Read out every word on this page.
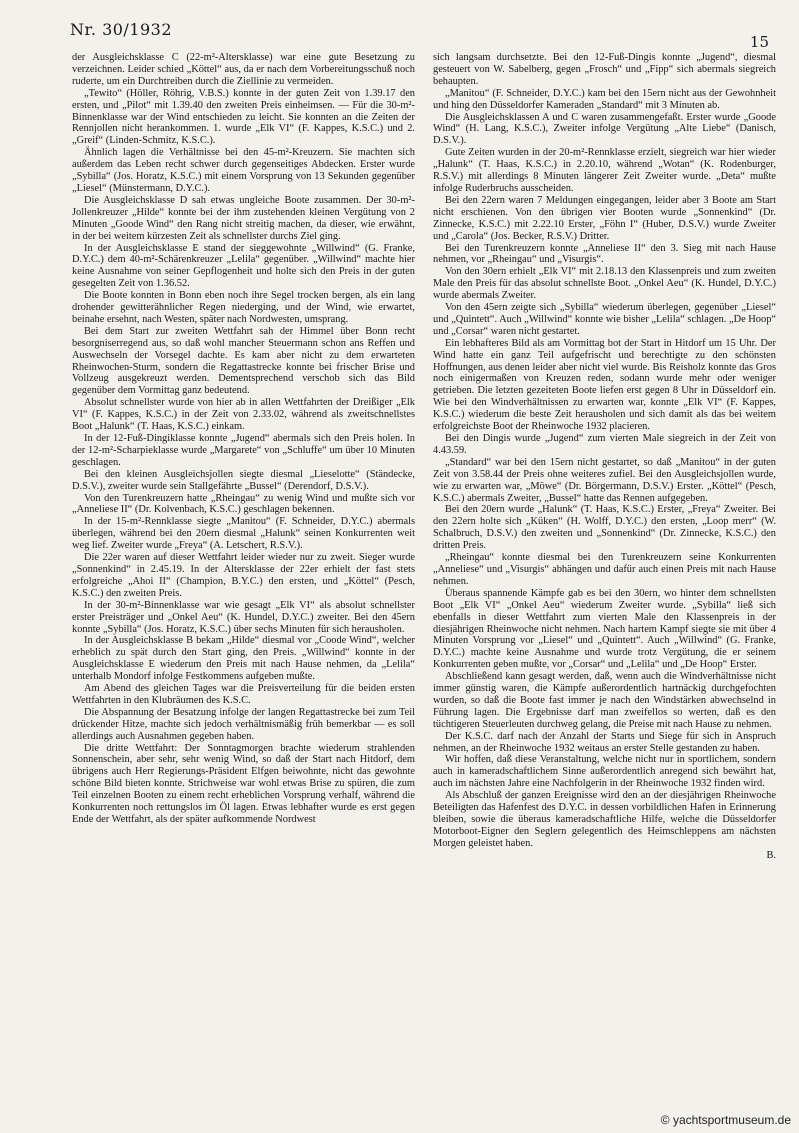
Nr. 30/1932
15

der Ausgleichsklasse C (22-m²-Altersklasse) war eine gute Besetzung zu verzeichnen. Leider schied „Köttel“ aus, da er nach dem Vorbereitungsschuß noch ruderte, um ein Durchtreiben durch die Ziellinie zu vermeiden.

„Tewito“ (Höller, Röhrig, V.B.S.) konnte in der guten Zeit von 1.39.17 den ersten, und „Pilot“ mit 1.39.40 den zweiten Preis einheimsen. — Für die 30-m²-Binnenklasse war der Wind entschieden zu leicht. Sie konnten an die Zeiten der Rennjollen nicht herankommen. 1. wurde „Elk VI“ (F. Kappes, K.S.C.) und 2. „Greif“ (Linden-Schmitz, K.S.C.).

Ähnlich lagen die Verhältnisse bei den 45-m²-Kreuzern. Sie machten sich außerdem das Leben recht schwer durch gegenseitiges Abdecken. Erster wurde „Sybilla“ (Jos. Horatz, K.S.C.) mit einem Vorsprung von 13 Sekunden gegenüber „Liesel“ (Münstermann, D.Y.C.).

Die Ausgleichsklasse D sah etwas ungleiche Boote zusammen. Der 30-m²-Jollenkreuzer „Hilde“ konnte bei der ihm zustehenden kleinen Vergütung von 2 Minuten „Goode Wind“ den Rang nicht streitig machen, da dieser, wie erwähnt, in der bei weitem kürzesten Zeit als schnellster durchs Ziel ging.

In der Ausgleichsklasse E stand der sieggewohnte „Willwind“ (G. Franke, D.Y.C.) dem 40-m²-Schärenkreuzer „Lelila“ gegenüber. „Willwind“ machte hier keine Ausnahme von seiner Gepflogenheit und holte sich den Preis in der guten gesegelten Zeit von 1.36.52.

Die Boote konnten in Bonn eben noch ihre Segel trocken bergen, als ein lang drohender gewitterähnlicher Regen niederging, und der Wind, wie erwartet, beinahe ersehnt, nach Westen, später nach Nordwesten, umsprang.

Bei dem Start zur zweiten Wettfahrt sah der Himmel über Bonn recht besorgniserregend aus, so daß wohl mancher Steuermann schon ans Reffen und Auswechseln der Vorsegel dachte. Es kam aber nicht zu dem erwarteten Rheinwochen-Sturm, sondern die Regattastrecke konnte bei frischer Brise und Vollzeug ausgekreuzt werden. Dementsprechend verschob sich das Bild gegenüber dem Vormittag ganz bedeutend.

Absolut schnellster wurde von hier ab in allen Wettfahrten der Dreißiger „Elk VI“ (F. Kappes, K.S.C.) in der Zeit von 2.33.02, während als zweitschnellstes Boot „Halunk“ (T. Haas, K.S.C.) einkam.

In der 12-Fuß-Dingiklasse konnte „Jugend“ abermals sich den Preis holen. In der 12-m²-Scharpieklasse wurde „Margarete“ von „Schluffe“ um über 10 Minuten geschlagen.

Bei den kleinen Ausgleichsjollen siegte diesmal „Lieselotte“ (Ständecke, D.S.V.), zweiter wurde sein Stallgefährte „Bussel“ (Derendorf, D.S.V.).

Von den Turenkreuzern hatte „Rheingau“ zu wenig Wind und mußte sich vor „Anneliese II“ (Dr. Kolvenbach, K.S.C.) geschlagen bekennen.

In der 15-m²-Rennklasse siegte „Manitou“ (F. Schneider, D.Y.C.) abermals überlegen, während bei den 20ern diesmal „Halunk“ seinen Konkurrenten weit weg lief. Zweiter wurde „Freya“ (A. Letschert, R.S.V.).

Die 22er waren auf dieser Wettfahrt leider wieder nur zu zweit. Sieger wurde „Sonnenkind“ in 2.45.19. In der Altersklasse der 22er erhielt der fast stets erfolgreiche „Ahoi II“ (Champion, B.Y.C.) den ersten, und „Köttel“ (Pesch, K.S.C.) den zweiten Preis.

In der 30-m²-Binnenklasse war wie gesagt „Elk VI“ als absolut schnellster erster Preisträger und „Onkel Aeu“ (K. Hundel, D.Y.C.) zweiter. Bei den 45ern konnte „Sybilla“ (Jos. Horatz, K.S.C.) über sechs Minuten für sich herausholen.

In der Ausgleichsklasse B bekam „Hilde“ diesmal vor „Coode Wind“, welcher erheblich zu spät durch den Start ging, den Preis. „Willwind“ konnte in der Ausgleichsklasse E wiederum den Preis mit nach Hause nehmen, da „Lelila“ unterhalb Mondorf infolge Festkommens aufgeben mußte.

Am Abend des gleichen Tages war die Preisverteilung für die beiden ersten Wettfahrten in den Klubräumen des K.S.C.

Die Abspannung der Besatzung infolge der langen Regattastrecke bei zum Teil drückender Hitze, machte sich jedoch verhältnismäßig früh bemerkbar — es soll allerdings auch Ausnahmen gegeben haben.

Die dritte Wettfahrt: Der Sonntagmorgen brachte wiederum strahlenden Sonnenschein, aber sehr, sehr wenig Wind, so daß der Start nach Hitdorf, dem übrigens auch Herr Regierungs-Präsident Elfgen beiwohnte, nicht das gewohnte schöne Bild bieten konnte. Strichweise war wohl etwas Brise zu spüren, die zum Teil einzelnen Booten zu einem recht erheblichen Vorsprung verhalf, während die Konkurrenten noch rettungslos im Öl lagen. Etwas lebhafter wurde es erst gegen Ende der Wettfahrt, als der später aufkommende Nordwest

sich langsam durchsetzte. Bei den 12-Fuß-Dingis konnte „Jugend“, diesmal gesteuert von W. Sabelberg, gegen „Frosch“ und „Fipp“ sich abermals siegreich behaupten.

„Manitou“ (F. Schneider, D.Y.C.) kam bei den 15ern nicht aus der Gewohnheit und hing den Düsseldorfer Kameraden „Standard“ mit 3 Minuten ab.

Die Ausgleichsklassen A und C waren zusammengefaßt. Erster wurde „Goode Wind“ (H. Lang, K.S.C.), Zweiter infolge Vergütung „Alte Liebe“ (Danisch, D.S.V.).

Gute Zeiten wurden in der 20-m²-Rennklasse erzielt, siegreich war hier wieder „Halunk“ (T. Haas, K.S.C.) in 2.20.10, während „Wotan“ (K. Rodenburger, R.S.V.) mit allerdings 8 Minuten längerer Zeit Zweiter wurde. „Deta“ mußte infolge Ruderbruchs ausscheiden.

Bei den 22ern waren 7 Meldungen eingegangen, leider aber 3 Boote am Start nicht erschienen. Von den übrigen vier Booten wurde „Sonnenkind“ (Dr. Zinnecke, K.S.C.) mit 2.22.10 Erster, „Föhn I“ (Huber, D.S.V.) wurde Zweiter und „Carola“ (Jos. Becker, R.S.V.) Dritter.

Bei den Turenkreuzern konnte „Anneliese II“ den 3. Sieg mit nach Hause nehmen, vor „Rheingau“ und „Visurgis“.

Von den 30ern erhielt „Elk VI“ mit 2.18.13 den Klassenpreis und zum zweiten Male den Preis für das absolut schnellste Boot. „Onkel Aeu“ (K. Hundel, D.Y.C.) wurde abermals Zweiter.

Von den 45ern zeigte sich „Sybilla“ wiederum überlegen, gegenüber „Liesel“ und „Quintett“. Auch „Willwind“ konnte wie bisher „Lelila“ schlagen. „De Hoop“ und „Corsar“ waren nicht gestartet.

Ein lebhafteres Bild als am Vormittag bot der Start in Hitdorf um 15 Uhr. Der Wind hatte ein ganz Teil aufgefrischt und berechtigte zu den schönsten Hoffnungen, aus denen leider aber nicht viel wurde. Bis Reisholz konnte das Gros noch einigermaßen von Kreuzen reden, sodann wurde mehr oder weniger getrieben. Die letzten gezeiteten Boote liefen erst gegen 8 Uhr in Düsseldorf ein. Wie bei den Windverhältnissen zu erwarten war, konnte „Elk VI“ (F. Kappes, K.S.C.) wiederum die beste Zeit herausholen und sich damit als das bei weitem erfolgreichste Boot der Rheinwoche 1932 placieren.

Bei den Dingis wurde „Jugend“ zum vierten Male siegreich in der Zeit von 4.43.59.

„Standard“ war bei den 15ern nicht gestartet, so daß „Manitou“ in der guten Zeit von 3.58.44 der Preis ohne weiteres zufiel. Bei den Ausgleichsjollen wurde, wie zu erwarten war, „Möwe“ (Dr. Börgermann, D.S.V.) Erster. „Köttel“ (Pesch, K.S.C.) abermals Zweiter, „Bussel“ hatte das Rennen aufgegeben.

Bei den 20ern wurde „Halunk“ (T. Haas, K.S.C.) Erster, „Freya“ Zweiter. Bei den 22ern holte sich „Küken“ (H. Wolff, D.Y.C.) den ersten, „Loop merr“ (W. Schalbruch, D.S.V.) den zweiten und „Sonnenkind“ (Dr. Zinnecke, K.S.C.) den dritten Preis.

„Rheingau“ konnte diesmal bei den Turenkreuzern seine Konkurrenten „Anneliese“ und „Visurgis“ abhängen und dafür auch einen Preis mit nach Hause nehmen.

Überaus spannende Kämpfe gab es bei den 30ern, wo hinter dem schnellsten Boot „Elk VI“ „Onkel Aeu“ wiederum Zweiter wurde. „Sybilla“ ließ sich ebenfalls in dieser Wettfahrt zum vierten Male den Klassenpreis in der diesjährigen Rheinwoche nicht nehmen. Nach hartem Kampf siegte sie mit über 4 Minuten Vorsprung vor „Liesel“ und „Quintett“. Auch „Willwind“ (G. Franke, D.Y.C.) machte keine Ausnahme und wurde trotz Vergütung, die er seinem Konkurrenten geben mußte, vor „Corsar“ und „Lelila“ und „De Hoop“ Erster.

Abschließend kann gesagt werden, daß, wenn auch die Windverhältnisse nicht immer günstig waren, die Kämpfe außerordentlich hartnäckig durchgefochten wurden, so daß die Boote fast immer je nach den Windstärken abwechselnd in Führung lagen. Die Ergebnisse darf man zweifellos so werten, daß es den tüchtigeren Steuerleuten durchweg gelang, die Preise mit nach Hause zu nehmen.

Der K.S.C. darf nach der Anzahl der Starts und Siege für sich in Anspruch nehmen, an der Rheinwoche 1932 weitaus an erster Stelle gestanden zu haben.

Wir hoffen, daß diese Veranstaltung, welche nicht nur in sportlichem, sondern auch in kameradschaftlichem Sinne außerordentlich anregend sich bewährt hat, auch im nächsten Jahre eine Nachfolgerin in der Rheinwoche 1932 finden wird.

Als Abschluß der ganzen Ereignisse wird den an der diesjährigen Rheinwoche Beteiligten das Hafenfest des D.Y.C. in dessen vorbildlichen Hafen in Erinnerung bleiben, sowie die überaus kameradschaftliche Hilfe, welche die Düsseldorfer Motorboot-Eigner den Seglern gelegentlich des Heimschleppens am nächsten Morgen geleistet haben.

B.

© yachtsportmuseum.de
